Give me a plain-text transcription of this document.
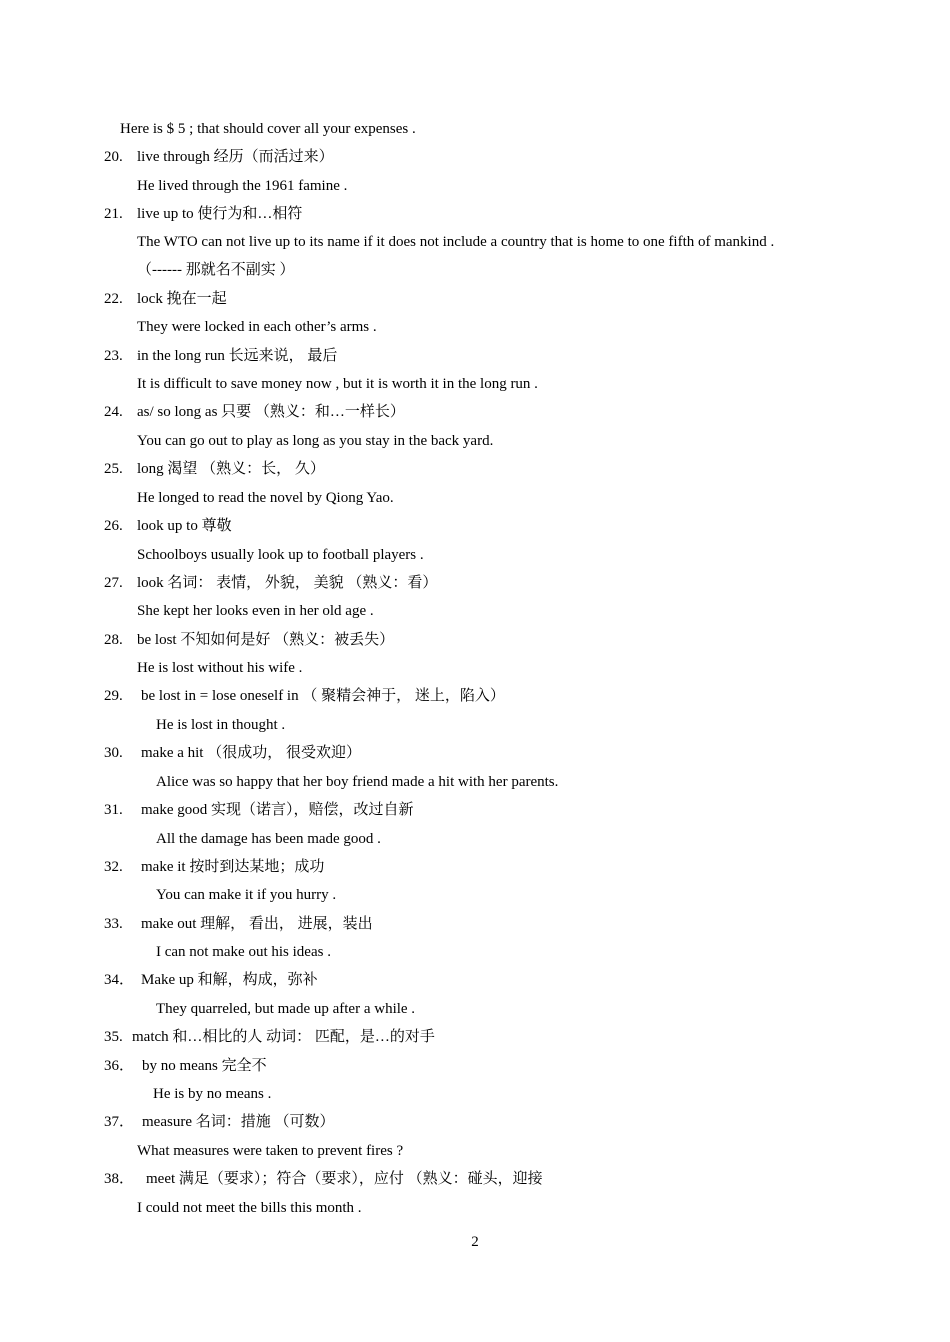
Here is $ 5 ; that should cover all your expenses .
20. live through 经历（而活过来）
He lived through the 1961 famine .
21. live up to 使行为和…相符
The WTO can not live up to its name if it does not include a country that is home to one fifth of mankind .
（------ 那就名不副实 ）
22. lock 挽在一起
They were locked in each other’s arms .
23. in the long run 长远来说， 最后
It is difficult to save money now , but it is worth it in the long run .
24. as/ so long as 只要 （熟义：和…一样长）
You can go out to play as long as you stay in the back yard.
25. long 渴望 （熟义：长， 久）
He longed to read the novel by Qiong Yao.
26. look up to 尊敬
Schoolboys usually look up to football players .
27. look 名词： 表情， 外貌， 美貌 （熟义：看）
She kept her looks even in her old age .
28. be lost 不知如何是好 （熟义：被丢失）
He is lost without his wife .
29. be lost in = lose oneself in （ 聚精会神于， 迷上，陷入）
He is lost in thought .
30. make a hit （很成功， 很受欢迎）
Alice was so happy that her boy friend made a hit with her parents.
31. make good 实现（诺言），赔偿，改过自新
All the damage has been made good .
32. make it 按时到达某地；成功
You can make it if you hurry .
33. make out 理解， 看出， 进展，装出
I can not make out his ideas .
34． Make up 和解，构成，弥补
They quarreled, but made up after a while .
35. match 和…相比的人 动词： 匹配，是…的对手
36． by no means 完全不
He is by no means .
37． measure 名词：措施 （可数）
What measures were taken to prevent fires ?
38． meet 满足（要求）；符合（要求），应付 （熟义：碰头，迎接
I could not meet the bills this month .
2
